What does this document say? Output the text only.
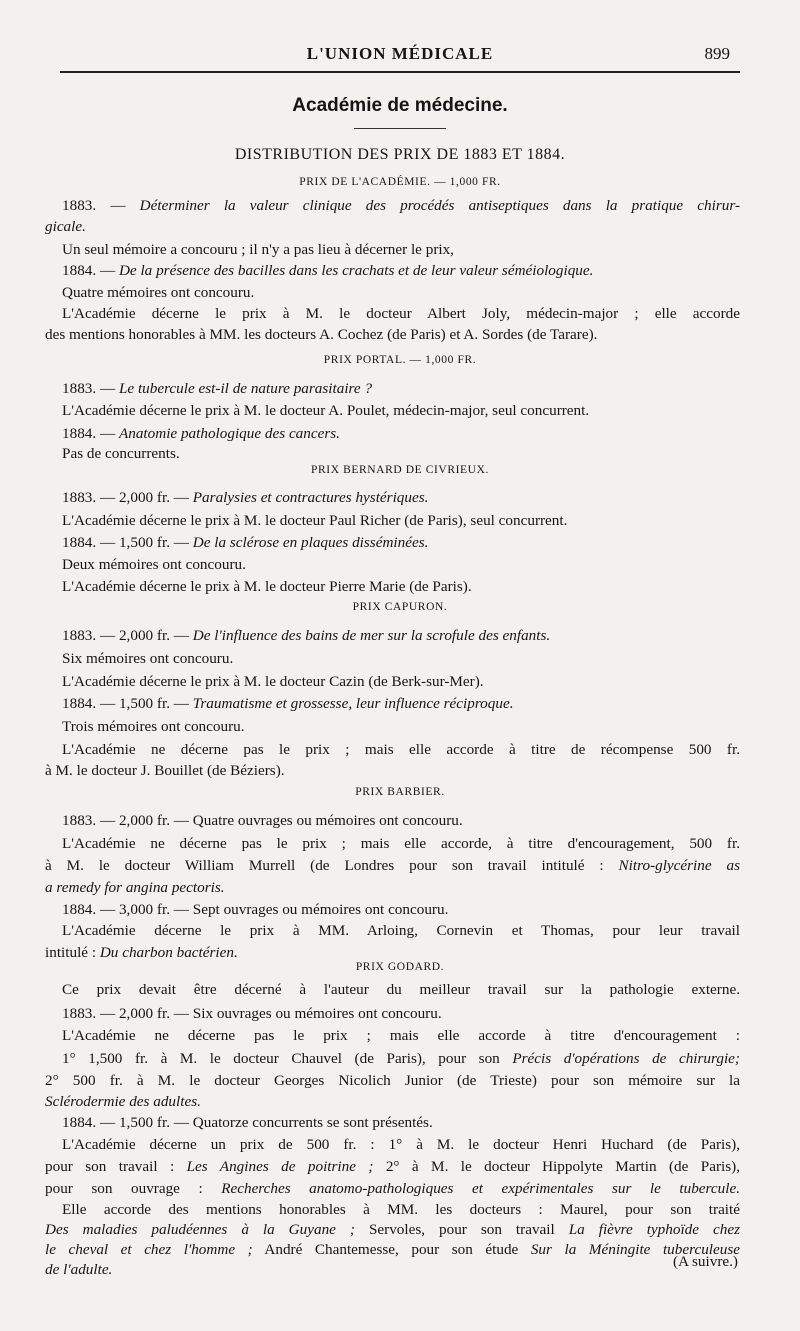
L'UNION MÉDICALE	899
Académie de médecine.
DISTRIBUTION DES PRIX DE 1883 ET 1884.
PRIX DE L'ACADÉMIE. — 1,000 FR.
1883. — Déterminer la valeur clinique des procédés antiseptiques dans la pratique chirur-
gicale.
Un seul mémoire a concouru ; il n'y a pas lieu à décerner le prix,
1884. — De la présence des bacilles dans les crachats et de leur valeur séméiologique.
Quatre mémoires ont concouru.
L'Académie décerne le prix à M. le docteur Albert Joly, médecin-major ; elle accorde
des mentions honorables à MM. les docteurs A. Cochez (de Paris) et A. Sordes (de Tarare).
PRIX PORTAL. — 1,000 FR.
1883. — Le tubercule est-il de nature parasitaire ?
L'Académie décerne le prix à M. le docteur A. Poulet, médecin-major, seul concurrent.
1884. — Anatomie pathologique des cancers.
Pas de concurrents.
PRIX BERNARD DE CIVRIEUX.
1883. — 2,000 fr. — Paralysies et contractures hystériques.
L'Académie décerne le prix à M. le docteur Paul Richer (de Paris), seul concurrent.
1884. — 1,500 fr. — De la sclérose en plaques disséminées.
Deux mémoires ont concouru.
L'Académie décerne le prix à M. le docteur Pierre Marie (de Paris).
PRIX CAPURON.
1883. — 2,000 fr. — De l'influence des bains de mer sur la scrofule des enfants.
Six mémoires ont concouru.
L'Académie décerne le prix à M. le docteur Cazin (de Berk-sur-Mer).
1884. — 1,500 fr. — Traumatisme et grossesse, leur influence réciproque.
Trois mémoires ont concouru.
L'Académie ne décerne pas le prix ; mais elle accorde à titre de récompense 500 fr.
à M. le docteur J. Bouillet (de Béziers).
PRIX BARBIER.
1883. — 2,000 fr. — Quatre ouvrages ou mémoires ont concouru.
L'Académie ne décerne pas le prix ; mais elle accorde, à titre d'encouragement, 500 fr.
à M. le docteur William Murrell (de Londres pour son travail intitulé : Nitro-glycérine as
a remedy for angina pectoris.
1884. — 3,000 fr. — Sept ouvrages ou mémoires ont concouru.
L'Académie décerne le prix à MM. Arloing, Cornevin et Thomas, pour leur travail
intitulé : Du charbon bactérien.
PRIX GODARD.
Ce prix devait être décerné à l'auteur du meilleur travail sur la pathologie externe.
1883. — 2,000 fr. — Six ouvrages ou mémoires ont concouru.
L'Académie ne décerne pas le prix ; mais elle accorde à titre d'encouragement :
1° 1,500 fr. à M. le docteur Chauvel (de Paris), pour son Précis d'opérations de chirurgie;
2° 500 fr. à M. le docteur Georges Nicolich Junior (de Trieste) pour son mémoire sur la
Sclérodermie des adultes.
1884. — 1,500 fr. — Quatorze concurrents se sont présentés.
L'Académie décerne un prix de 500 fr. : 1° à M. le docteur Henri Huchard (de Paris),
pour son travail : Les Angines de poitrine ; 2° à M. le docteur Hippolyte Martin (de Paris),
pour son ouvrage : Recherches anatomo-pathologiques et expérimentales sur le tubercule.
Elle accorde des mentions honorables à MM. les docteurs : Maurel, pour son traité
Des maladies paludéennes à la Guyane ; Servoles, pour son travail La fièvre typhoïde chez
le cheval et chez l'homme ; André Chantemesse, pour son étude Sur la Méningite tuberculeuse
de l'adulte.	(A suivre.)
